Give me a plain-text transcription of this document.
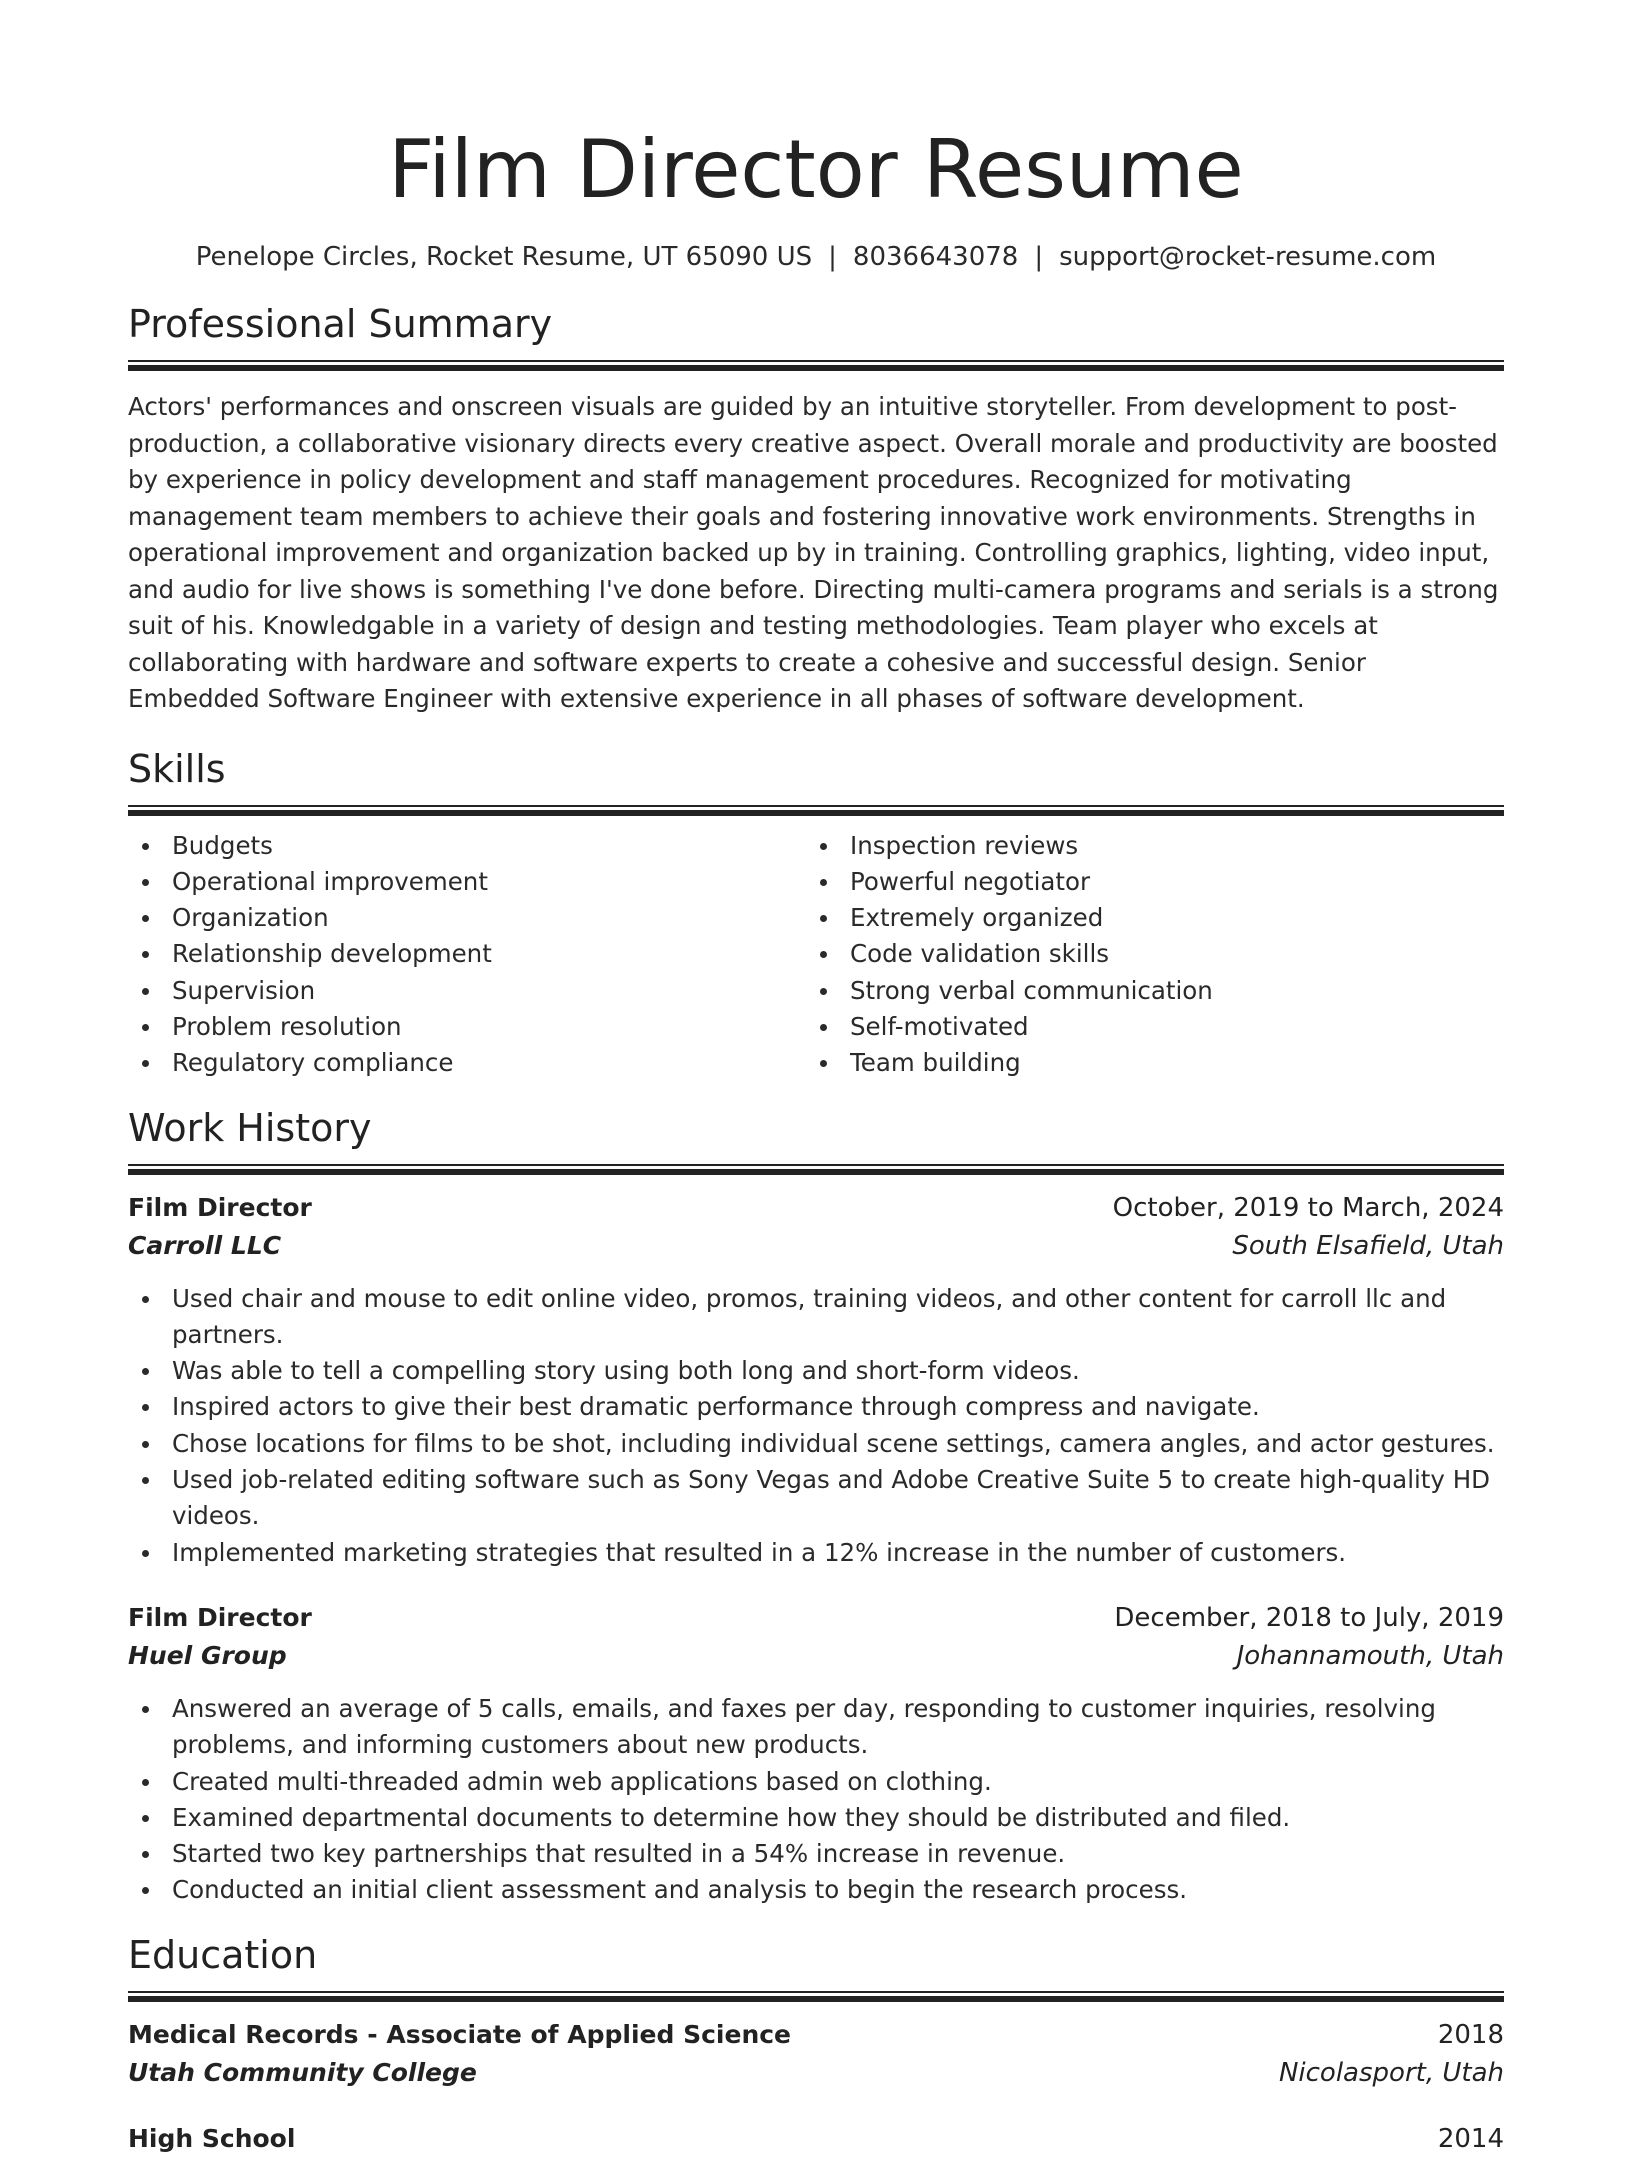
Film Director Resume
Penelope Circles, Rocket Resume, UT 65090 US | 8036643078 | support@rocket-resume.com
Professional Summary

Actors' performances and onscreen visuals are guided by an intuitive storyteller. From development to post-production, a collaborative visionary directs every creative aspect. Overall morale and productivity are boosted by experience in policy development and staff management procedures. Recognized for motivating management team members to achieve their goals and fostering innovative work environments. Strengths in operational improvement and organization backed up by in training. Controlling graphics, lighting, video input, and audio for live shows is something I've done before. Directing multi-camera programs and serials is a strong suit of his. Knowledgable in a variety of design and testing methodologies. Team player who excels at collaborating with hardware and software experts to create a cohesive and successful design. Senior Embedded Software Engineer with extensive experience in all phases of software development.

Skills
Budgets
Operational improvement
Organization
Relationship development
Supervision
Problem resolution
Regulatory compliance
Inspection reviews
Powerful negotiator
Extremely organized
Code validation skills
Strong verbal communication
Self-motivated
Team building
Work History
Film Director	October, 2019 to March, 2024
Carroll LLC	South Elsafield, Utah
Used chair and mouse to edit online video, promos, training videos, and other content for carroll llc and partners.
Was able to tell a compelling story using both long and short-form videos.
Inspired actors to give their best dramatic performance through compress and navigate.
Chose locations for films to be shot, including individual scene settings, camera angles, and actor gestures.
Used job-related editing software such as Sony Vegas and Adobe Creative Suite 5 to create high-quality HD videos.
Implemented marketing strategies that resulted in a 12% increase in the number of customers.
Film Director	December, 2018 to July, 2019
Huel Group	Johannamouth, Utah
Answered an average of 5 calls, emails, and faxes per day, responding to customer inquiries, resolving problems, and informing customers about new products.
Created multi-threaded admin web applications based on clothing.
Examined departmental documents to determine how they should be distributed and filed.
Started two key partnerships that resulted in a 54% increase in revenue.
Conducted an initial client assessment and analysis to begin the research process.
Education
Medical Records - Associate of Applied Science	2018
Utah Community College	Nicolasport, Utah
High School	2014
